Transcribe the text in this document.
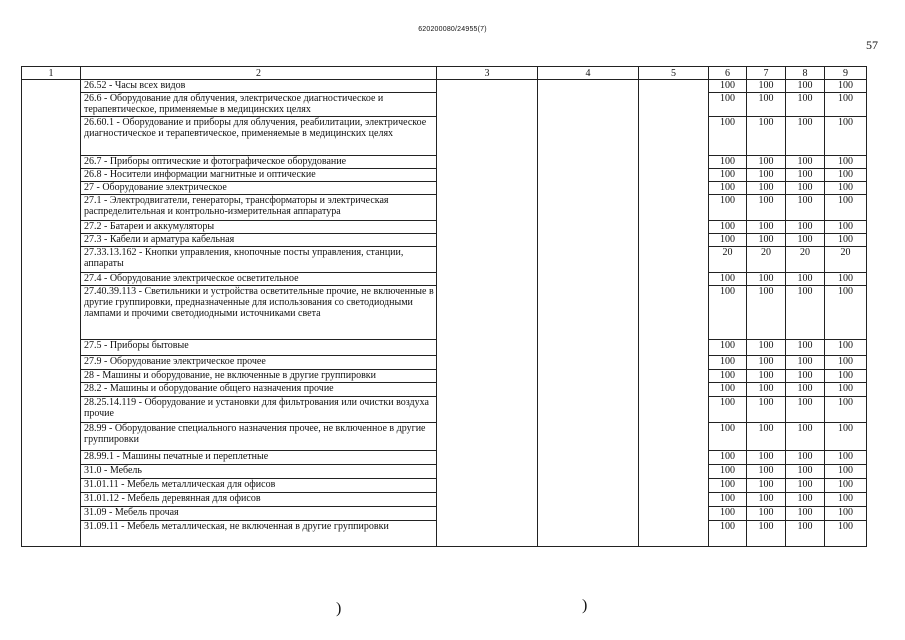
620200080/24955(7)
57
1	2	3	4	5	6	7	8	9
	26.52 - Часы всех видов				100	100	100	100
	26.6 - Оборудование для облучения, электрическое диагностическое и терапевтическое, применяемые в медицинских целях				100	100	100	100
	26.60.1 - Оборудование и приборы для облучения, реабилитации, электрическое диагностическое и терапевтическое, применяемые в медицинских целях				100	100	100	100
	26.7 - Приборы оптические и фотографическое оборудование				100	100	100	100
	26.8 - Носители информации магнитные и оптические				100	100	100	100
	27 - Оборудование электрическое				100	100	100	100
	27.1 - Электродвигатели, генераторы, трансформаторы и электрическая распределительная и контрольно-измерительная аппаратура				100	100	100	100
	27.2 - Батареи и аккумуляторы				100	100	100	100
	27.3 - Кабели и арматура кабельная				100	100	100	100
	27.33.13.162 - Кнопки управления, кнопочные посты управления, станции, аппараты				20	20	20	20
	27.4 - Оборудование электрическое осветительное				100	100	100	100
	27.40.39.113 - Светильники и устройства осветительные прочие, не включенные в другие группировки, предназначенные для использования со светодиодными лампами и прочими светодиодными источниками света				100	100	100	100
	27.5 - Приборы бытовые				100	100	100	100
	27.9 - Оборудование электрическое прочее				100	100	100	100
	28 - Машины и оборудование, не включенные в другие группировки				100	100	100	100
	28.2 - Машины и оборудование общего назначения прочие				100	100	100	100
	28.25.14.119 - Оборудование и установки для фильтрования или очистки воздуха прочие				100	100	100	100
	28.99 - Оборудование специального назначения прочее, не включенное в другие группировки				100	100	100	100
	28.99.1 - Машины печатные и переплетные				100	100	100	100
	31.0 - Мебель				100	100	100	100
	31.01.11 - Мебель металлическая для офисов				100	100	100	100
	31.01.12 - Мебель деревянная для офисов				100	100	100	100
	31.09 - Мебель прочая				100	100	100	100
	31.09.11 - Мебель металлическая, не включенная в другие группировки				100	100	100	100
)	)
